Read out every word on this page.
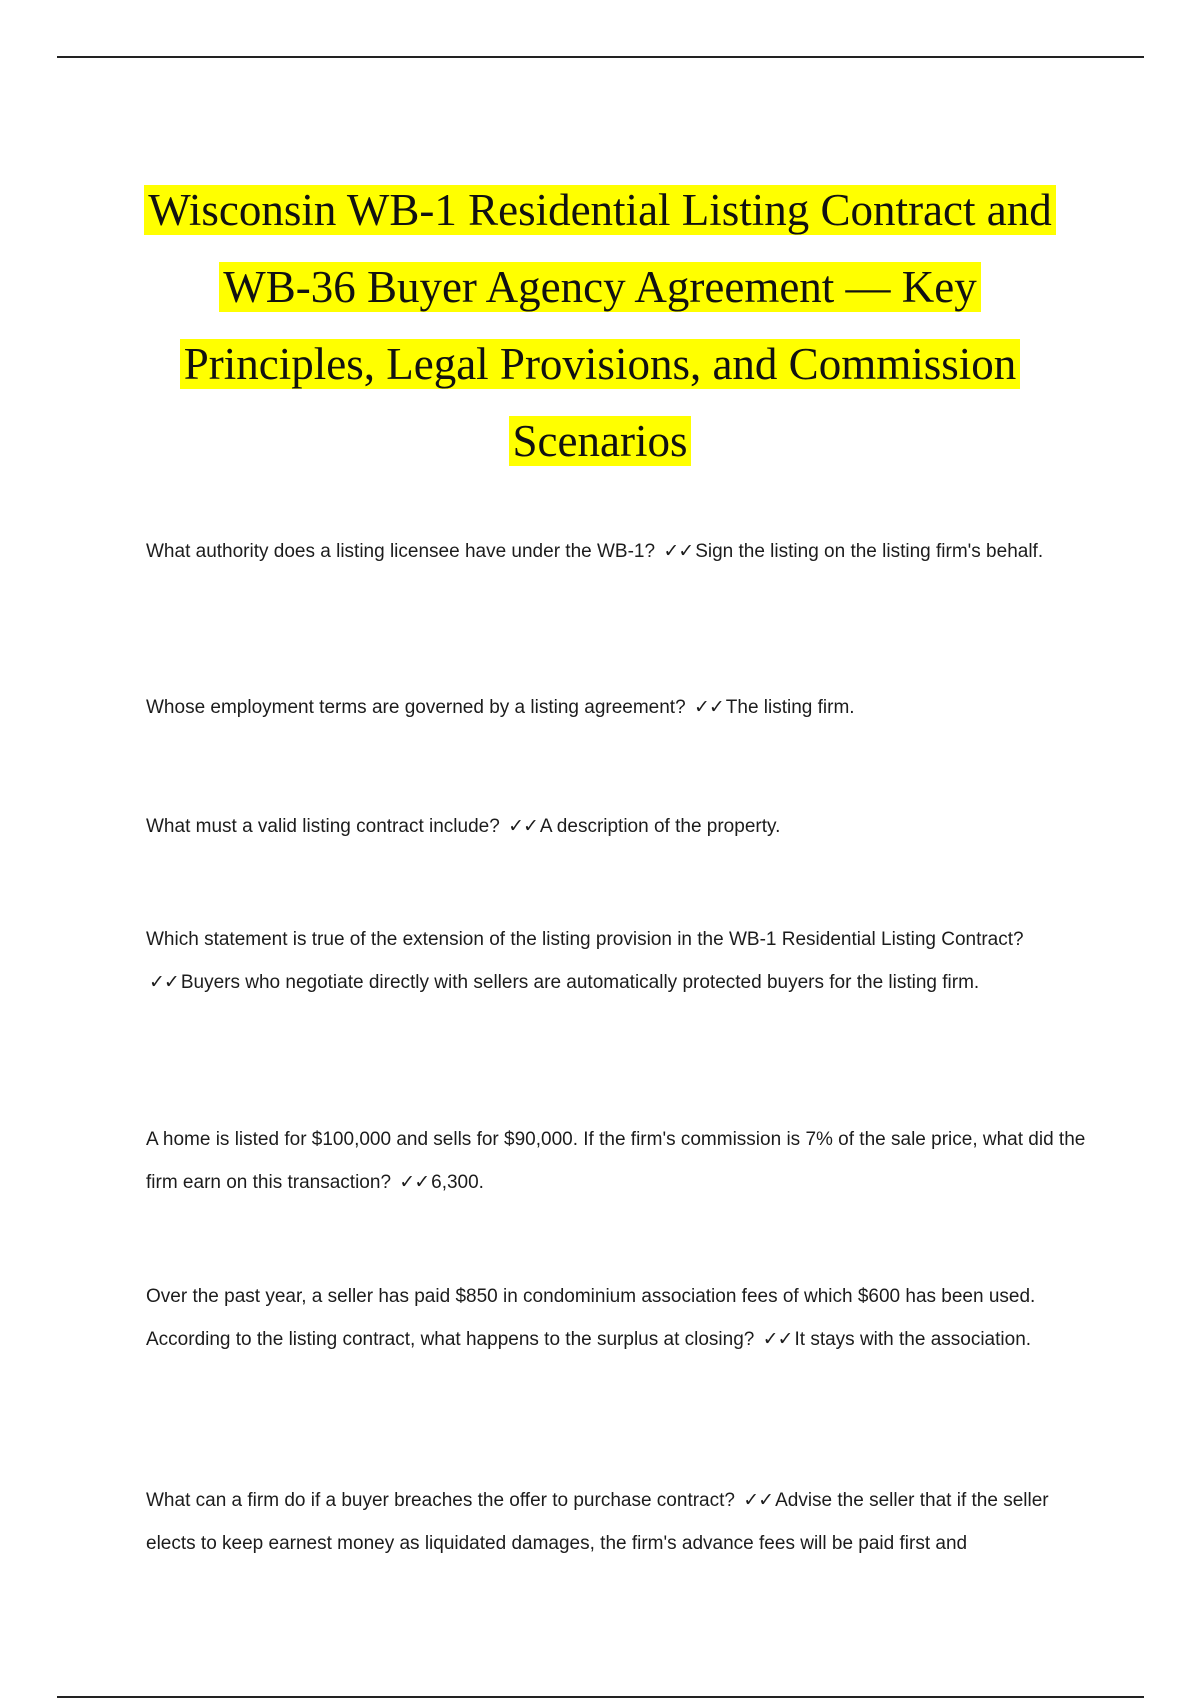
Wisconsin WB-1 Residential Listing Contract and
WB-36 Buyer Agency Agreement — Key
Principles, Legal Provisions, and Commission
Scenarios

What authority does a listing licensee have under the WB-1? ✓✓ Sign the listing on the listing firm's behalf.

Whose employment terms are governed by a listing agreement? ✓✓ The listing firm.

What must a valid listing contract include? ✓✓ A description of the property.

Which statement is true of the extension of the listing provision in the WB-1 Residential Listing Contract? ✓✓ Buyers who negotiate directly with sellers are automatically protected buyers for the listing firm.

A home is listed for $100,000 and sells for $90,000. If the firm's commission is 7% of the sale price, what did the firm earn on this transaction? ✓✓ 6,300.

Over the past year, a seller has paid $850 in condominium association fees of which $600 has been used. According to the listing contract, what happens to the surplus at closing? ✓✓ It stays with the association.

What can a firm do if a buyer breaches the offer to purchase contract? ✓✓ Advise the seller that if the seller elects to keep earnest money as liquidated damages, the firm's advance fees will be paid first and
